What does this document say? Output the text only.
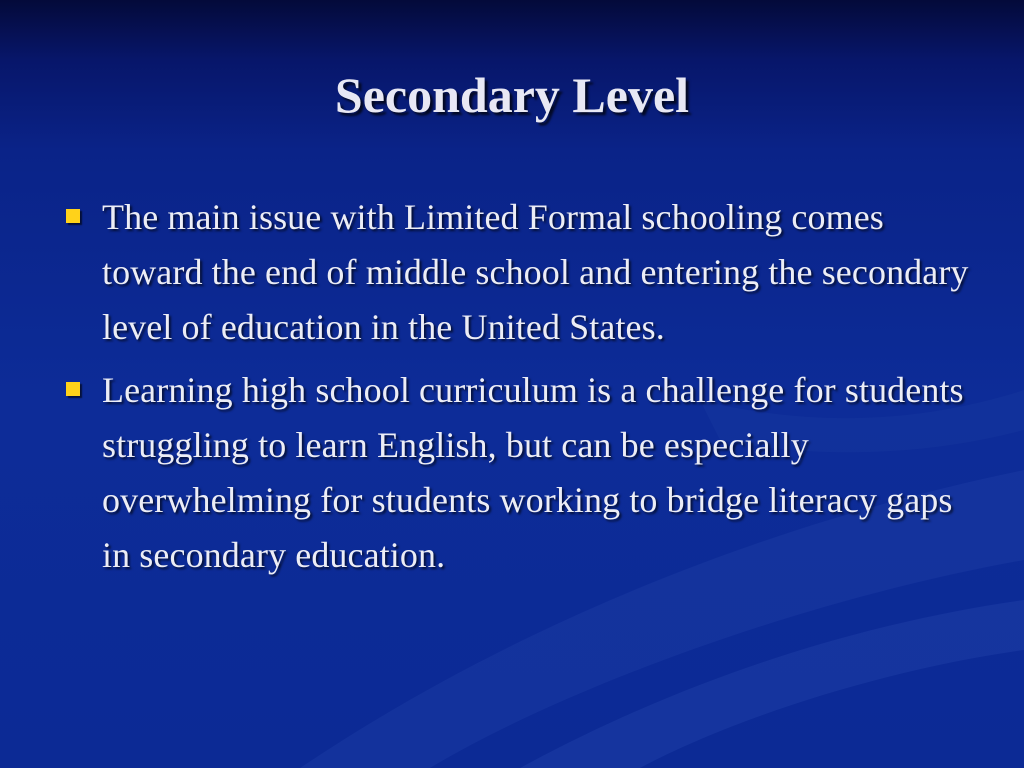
Secondary Level
The main issue with Limited Formal schooling comes toward the end of middle school and entering the secondary level of education in the United States.
Learning high school curriculum is a challenge for students struggling to learn English, but can be especially overwhelming for students working to bridge literacy gaps in secondary education.
